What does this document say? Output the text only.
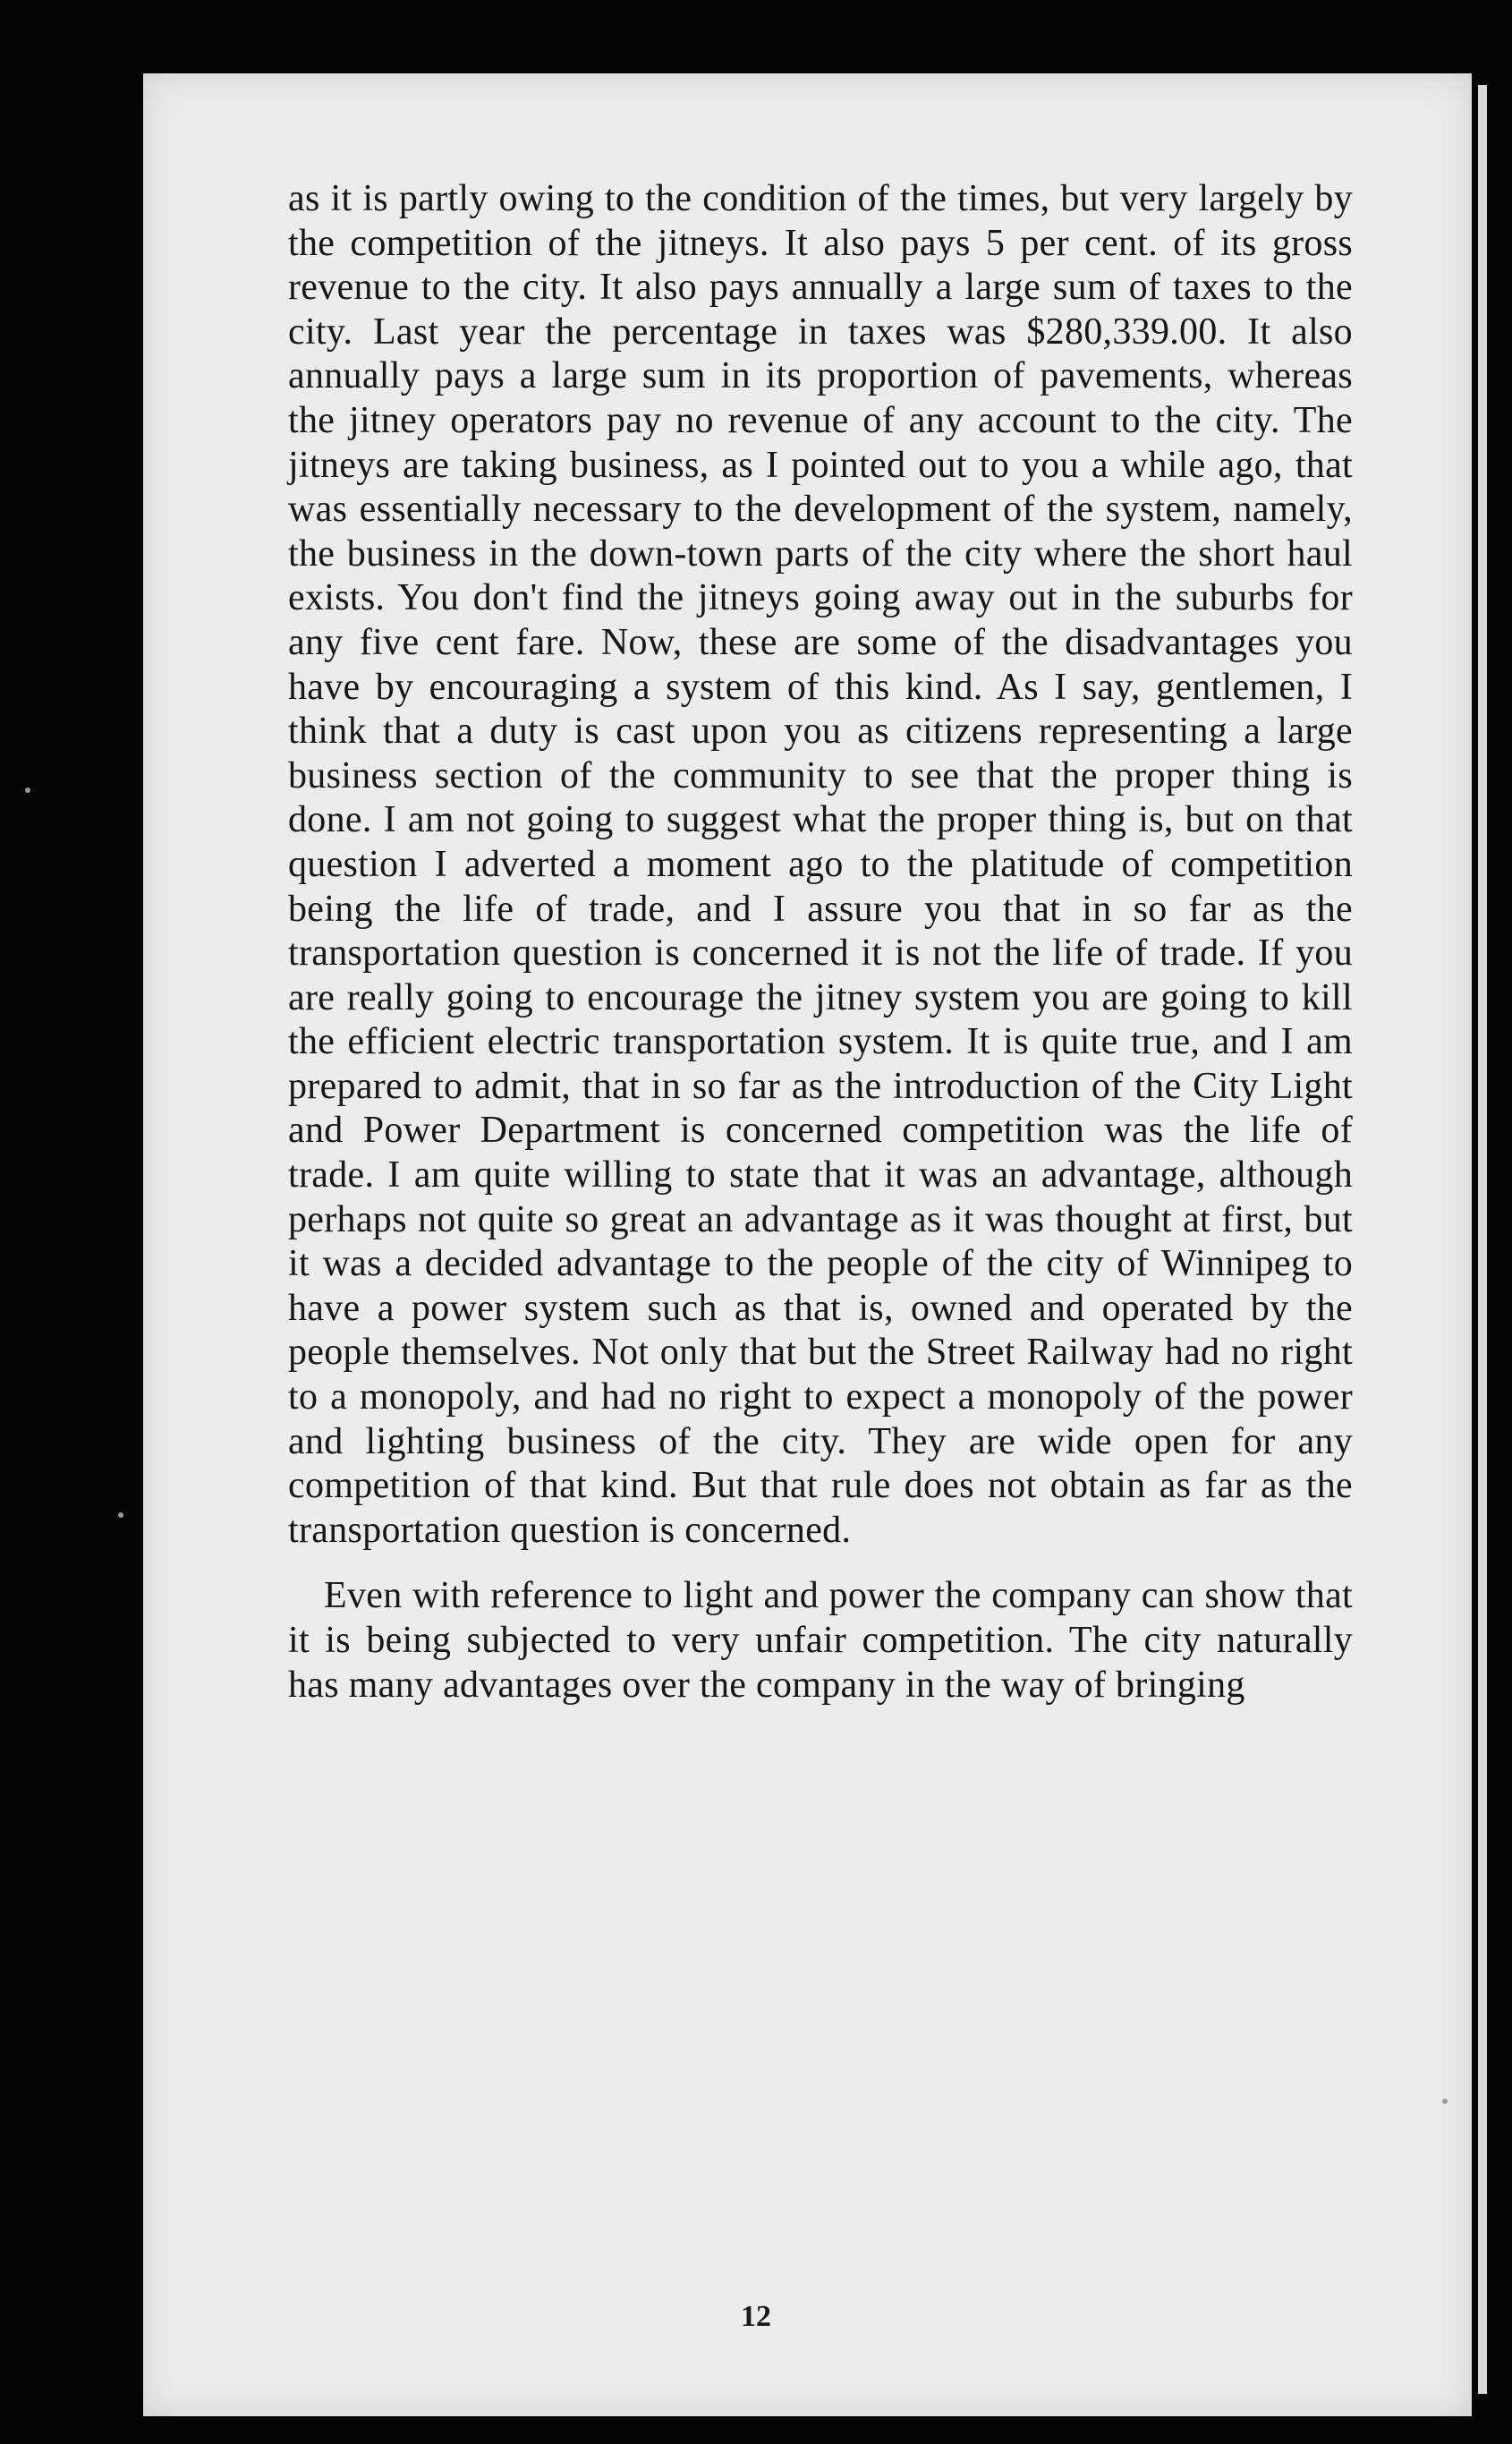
as it is partly owing to the condition of the times, but very largely by the competition of the jitneys. It also pays 5 per cent. of its gross revenue to the city. It also pays annually a large sum of taxes to the city. Last year the percentage in taxes was $280,339.00. It also annually pays a large sum in its proportion of pavements, whereas the jitney operators pay no revenue of any account to the city. The jitneys are taking business, as I pointed out to you a while ago, that was essentially necessary to the development of the system, namely, the business in the down-town parts of the city where the short haul exists. You don't find the jitneys going away out in the suburbs for any five cent fare. Now, these are some of the disadvantages you have by encouraging a system of this kind. As I say, gentlemen, I think that a duty is cast upon you as citizens representing a large business section of the community to see that the proper thing is done. I am not going to suggest what the proper thing is, but on that question I adverted a moment ago to the platitude of competition being the life of trade, and I assure you that in so far as the transportation question is concerned it is not the life of trade. If you are really going to encourage the jitney system you are going to kill the efficient electric transportation system. It is quite true, and I am prepared to admit, that in so far as the introduction of the City Light and Power Department is concerned competition was the life of trade. I am quite willing to state that it was an advantage, although perhaps not quite so great an advantage as it was thought at first, but it was a decided advantage to the people of the city of Winnipeg to have a power system such as that is, owned and operated by the people themselves. Not only that but the Street Railway had no right to a monopoly, and had no right to expect a monopoly of the power and lighting business of the city. They are wide open for any competition of that kind. But that rule does not obtain as far as the transportation question is concerned.

Even with reference to light and power the company can show that it is being subjected to very unfair competition. The city naturally has many advantages over the company in the way of bringing

12
